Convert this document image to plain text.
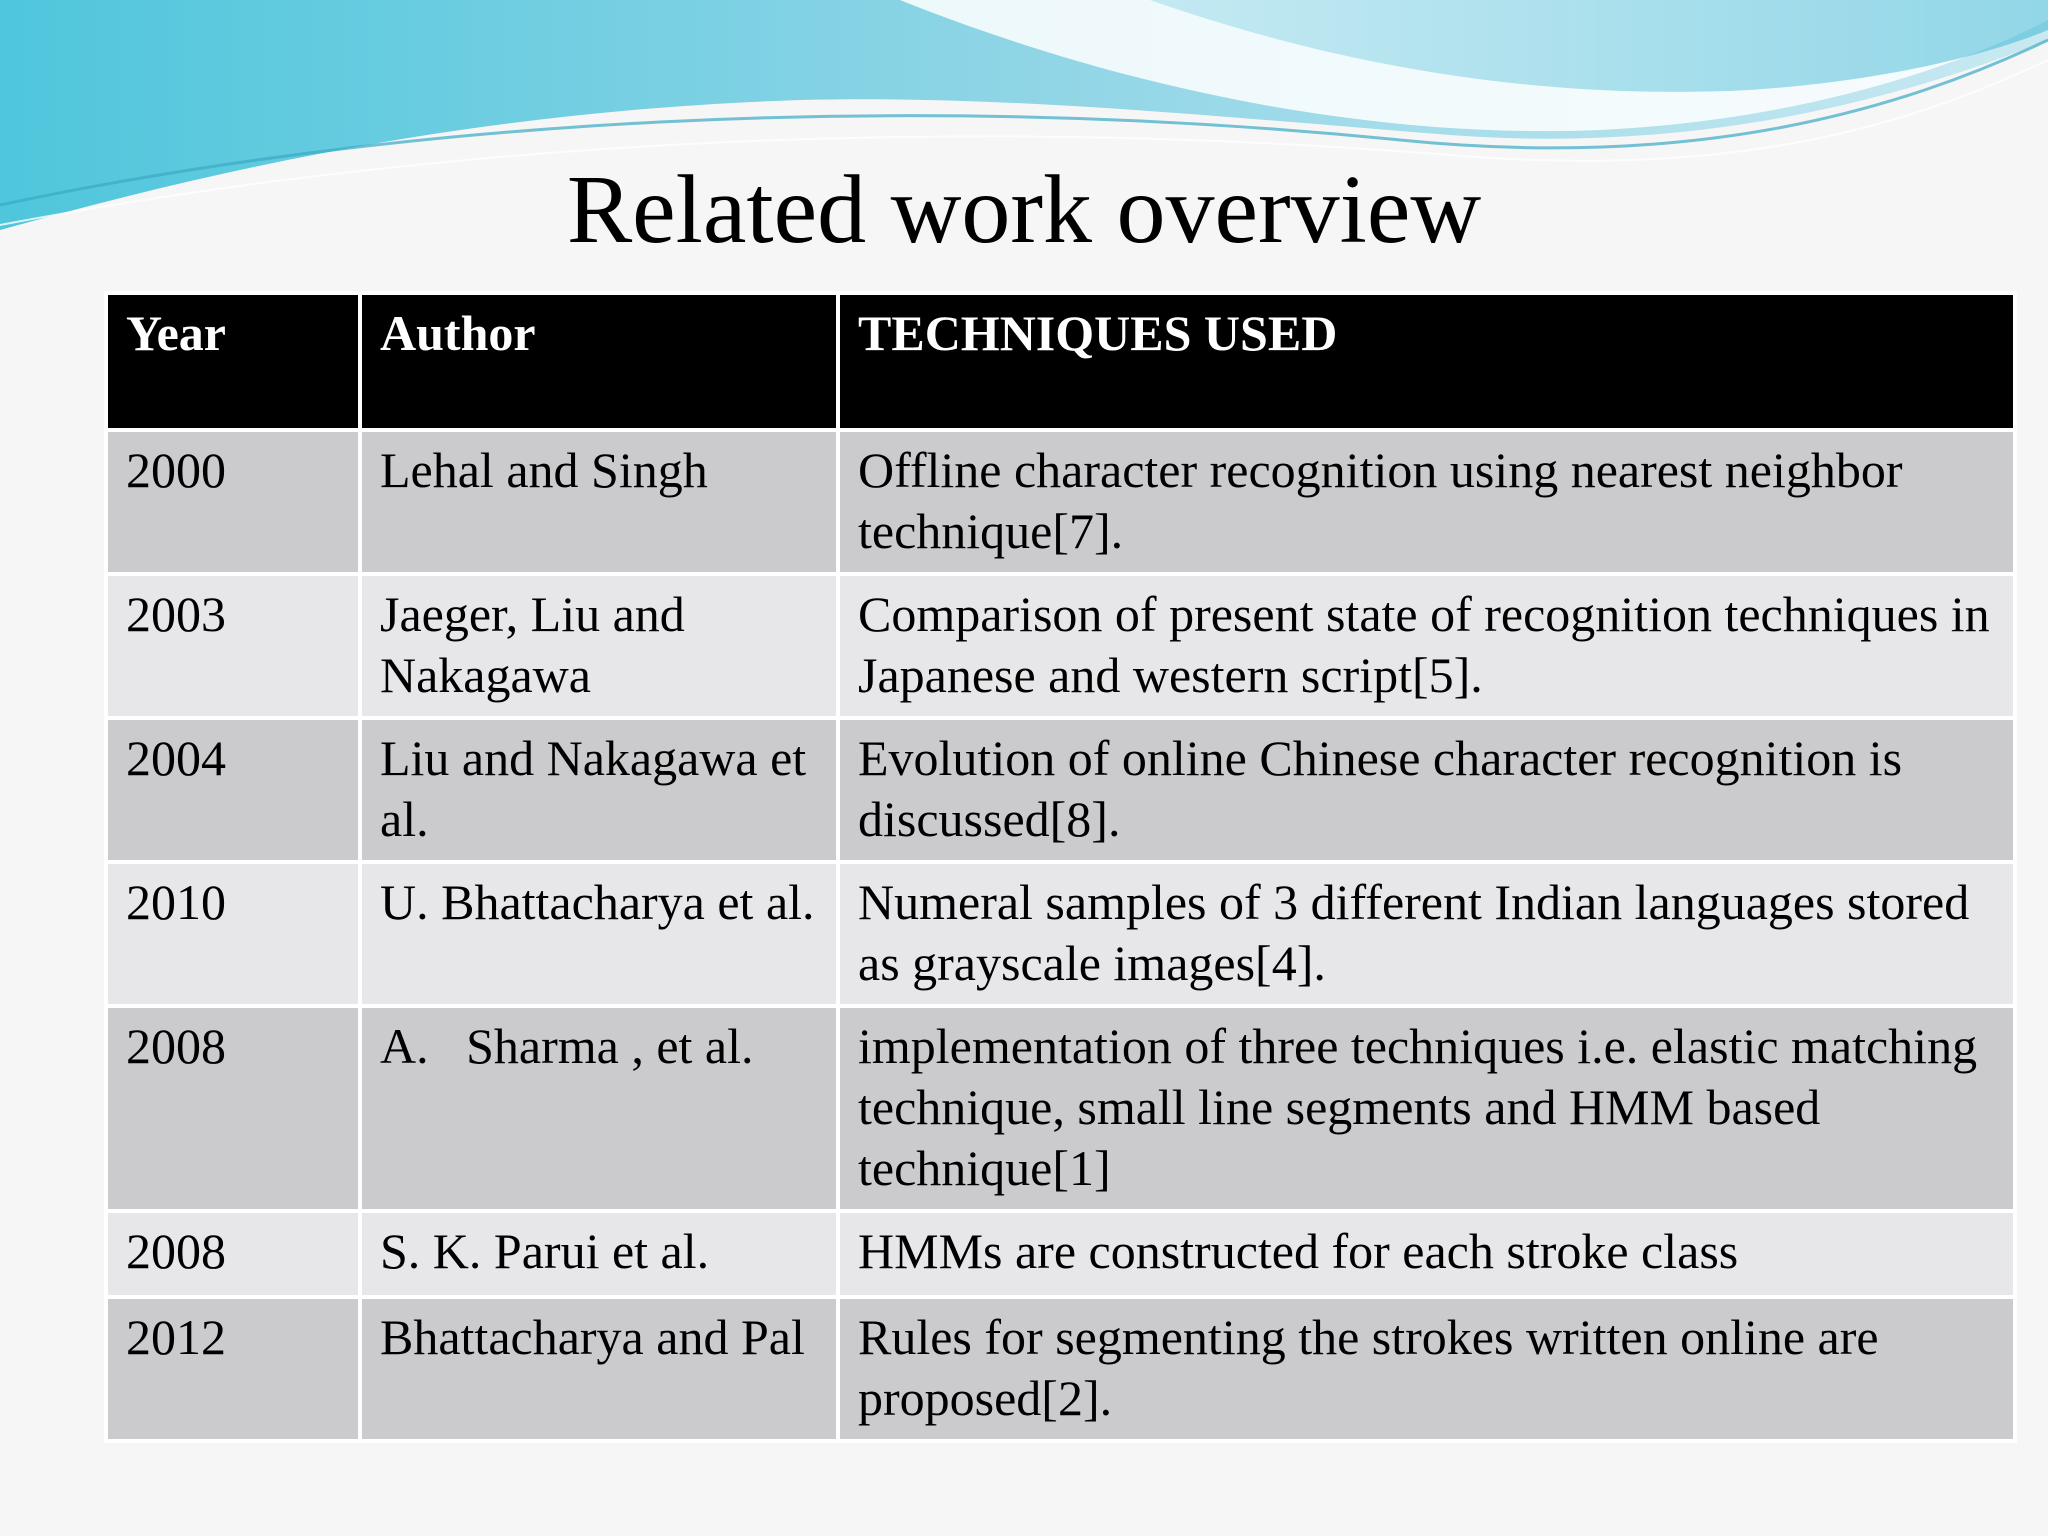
Related work overview
Year	Author	TECHNIQUES USED
2000	Lehal and Singh	Offline character recognition using nearest neighbor technique[7].
2003	Jaeger, Liu and Nakagawa	Comparison of present state of recognition techniques in Japanese and western script[5].
2004	Liu and Nakagawa et al.	Evolution of online Chinese character recognition is discussed[8].
2010	U. Bhattacharya et al.	Numeral samples of 3 different Indian languages stored as grayscale images[4].
2008	A.   Sharma , et al.	implementation of three techniques i.e. elastic matching technique, small line segments and HMM based technique[1]
2008	S. K. Parui et al.	HMMs are constructed for each stroke class
2012	Bhattacharya and Pal	Rules for segmenting the strokes written online are proposed[2].
